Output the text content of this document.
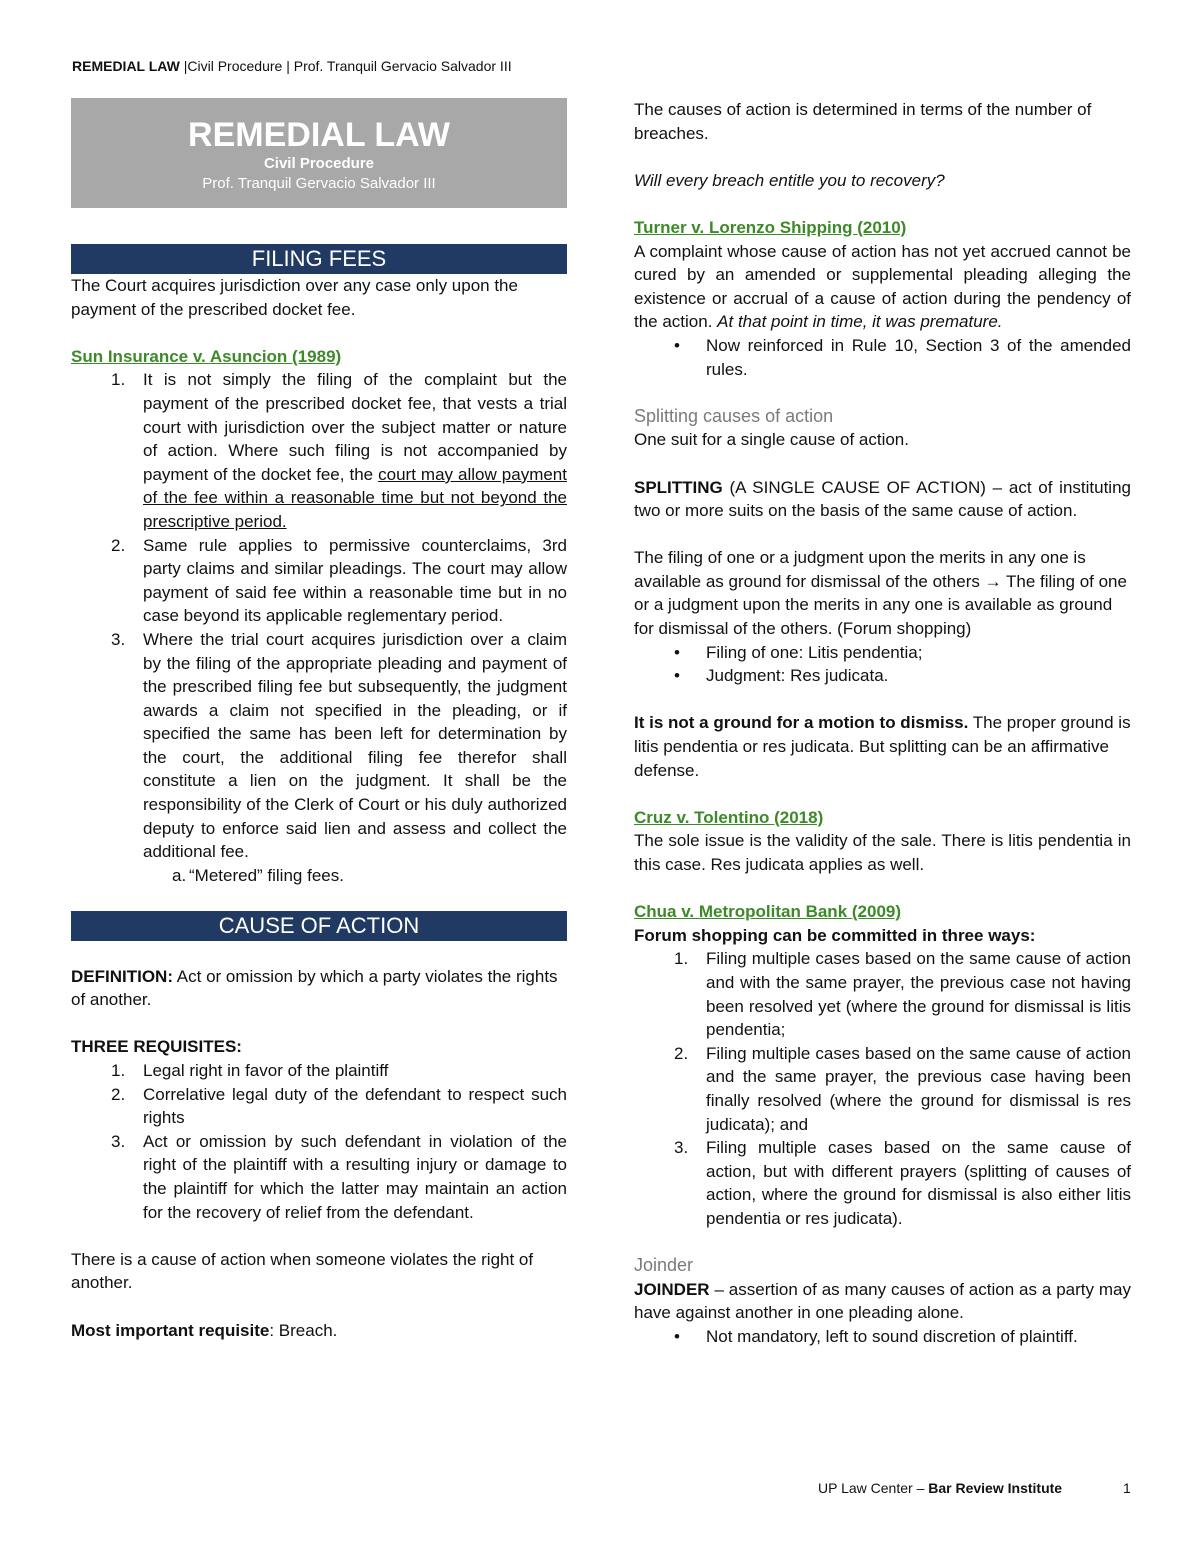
REMEDIAL LAW |Civil Procedure | Prof. Tranquil Gervacio Salvador III
REMEDIAL LAW
Civil Procedure
Prof. Tranquil Gervacio Salvador III
FILING FEES

The Court acquires jurisdiction over any case only upon the payment of the prescribed docket fee.

Sun Insurance v. Asuncion (1989)

1. It is not simply the filing of the complaint but the payment of the prescribed docket fee, that vests a trial court with jurisdiction over the subject matter or nature of action. Where such filing is not accompanied by payment of the docket fee, the court may allow payment of the fee within a reasonable time but not beyond the prescriptive period.
2. Same rule applies to permissive counterclaims, 3rd party claims and similar pleadings. The court may allow payment of said fee within a reasonable time but in no case beyond its applicable reglementary period.
3. Where the trial court acquires jurisdiction over a claim by the filing of the appropriate pleading and payment of the prescribed filing fee but subsequently, the judgment awards a claim not specified in the pleading, or if specified the same has been left for determination by the court, the additional filing fee therefor shall constitute a lien on the judgment. It shall be the responsibility of the Clerk of Court or his duly authorized deputy to enforce said lien and assess and collect the additional fee.
a. “Metered” filing fees.
CAUSE OF ACTION

DEFINITION: Act or omission by which a party violates the rights of another.

THREE REQUISITES:

1. Legal right in favor of the plaintiff
2. Correlative legal duty of the defendant to respect such rights
3. Act or omission by such defendant in violation of the right of the plaintiff with a resulting injury or damage to the plaintiff for which the latter may maintain an action for the recovery of relief from the defendant.

There is a cause of action when someone violates the right of another.

Most important requisite: Breach.

The causes of action is determined in terms of the number of breaches.

Will every breach entitle you to recovery?

Turner v. Lorenzo Shipping (2010)

A complaint whose cause of action has not yet accrued cannot be cured by an amended or supplemental pleading alleging the existence or accrual of a cause of action during the pendency of the action. At that point in time, it was premature.

• Now reinforced in Rule 10, Section 3 of the amended rules.

Splitting causes of action

One suit for a single cause of action.

SPLITTING (A SINGLE CAUSE OF ACTION) – act of instituting two or more suits on the basis of the same cause of action.

The filing of one or a judgment upon the merits in any one is available as ground for dismissal of the others → The filing of one or a judgment upon the merits in any one is available as ground for dismissal of the others. (Forum shopping)

• Filing of one: Litis pendentia;
• Judgment: Res judicata.

It is not a ground for a motion to dismiss. The proper ground is litis pendentia or res judicata. But splitting can be an affirmative defense.

Cruz v. Tolentino (2018)

The sole issue is the validity of the sale. There is litis pendentia in this case. Res judicata applies as well.

Chua v. Metropolitan Bank (2009)

Forum shopping can be committed in three ways:

1. Filing multiple cases based on the same cause of action and with the same prayer, the previous case not having been resolved yet (where the ground for dismissal is litis pendentia;
2. Filing multiple cases based on the same cause of action and the same prayer, the previous case having been finally resolved (where the ground for dismissal is res judicata); and
3. Filing multiple cases based on the same cause of action, but with different prayers (splitting of causes of action, where the ground for dismissal is also either litis pendentia or res judicata).

Joinder

JOINDER – assertion of as many causes of action as a party may have against another in one pleading alone.

• Not mandatory, left to sound discretion of plaintiff.
UP Law Center – Bar Review Institute	1
